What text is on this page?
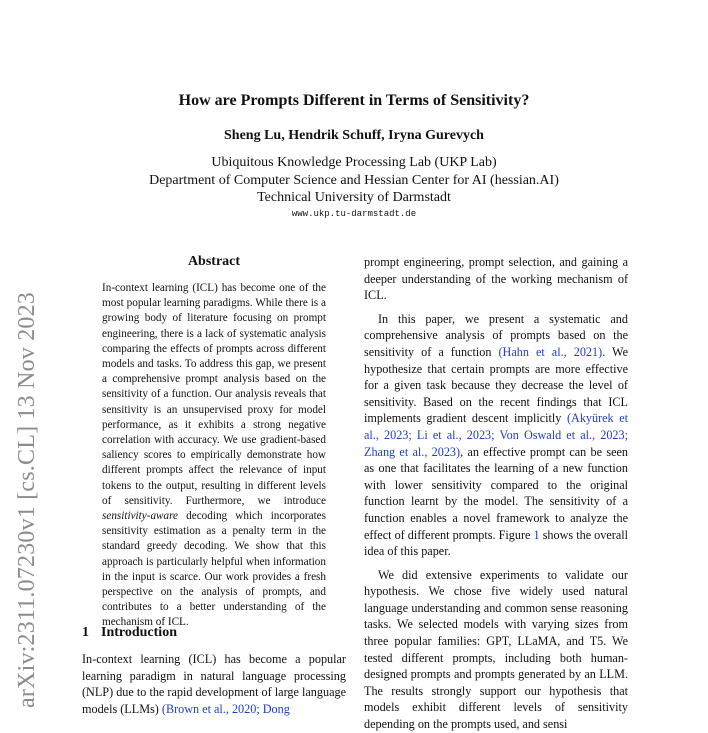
arXiv:2311.07230v1 [cs.CL] 13 Nov 2023
How are Prompts Different in Terms of Sensitivity?
Sheng Lu, Hendrik Schuff, Iryna Gurevych
Ubiquitous Knowledge Processing Lab (UKP Lab)
Department of Computer Science and Hessian Center for AI (hessian.AI)
Technical University of Darmstadt
www.ukp.tu-darmstadt.de
Abstract

In-context learning (ICL) has become one of the most popular learning paradigms. While there is a growing body of literature focusing on prompt engineering, there is a lack of systematic analysis comparing the effects of prompts across different models and tasks. To address this gap, we present a comprehensive prompt analysis based on the sensitivity of a function. Our analysis reveals that sensitivity is an unsupervised proxy for model performance, as it exhibits a strong negative correlation with accuracy. We use gradient-based saliency scores to empirically demonstrate how different prompts affect the relevance of input tokens to the output, resulting in different levels of sensitivity. Furthermore, we introduce sensitivity-aware decoding which incorporates sensitivity estimation as a penalty term in the standard greedy decoding. We show that this approach is particularly helpful when information in the input is scarce. Our work provides a fresh perspective on the analysis of prompts, and contributes to a better understanding of the mechanism of ICL.

1 Introduction

In-context learning (ICL) has become a popular learning paradigm in natural language processing (NLP) due to the rapid development of large language models (LLMs) (Brown et al., 2020; Dong

prompt engineering, prompt selection, and gaining a deeper understanding of the working mechanism of ICL.

In this paper, we present a systematic and comprehensive analysis of prompts based on the sensitivity of a function (Hahn et al., 2021). We hypothesize that certain prompts are more effective for a given task because they decrease the level of sensitivity. Based on the recent findings that ICL implements gradient descent implicitly (Akyürek et al., 2023; Li et al., 2023; Von Oswald et al., 2023; Zhang et al., 2023), an effective prompt can be seen as one that facilitates the learning of a new function with lower sensitivity compared to the original function learnt by the model. The sensitivity of a function enables a novel framework to analyze the effect of different prompts. Figure 1 shows the overall idea of this paper.

We did extensive experiments to validate our hypothesis. We chose five widely used natural language understanding and common sense reasoning tasks. We selected models with varying sizes from three popular families: GPT, LLaMA, and T5. We tested different prompts, including both human-designed prompts and prompts generated by an LLM. The results strongly support our hypothesis that models exhibit different levels of sensitivity depending on the prompts used, and sensi
